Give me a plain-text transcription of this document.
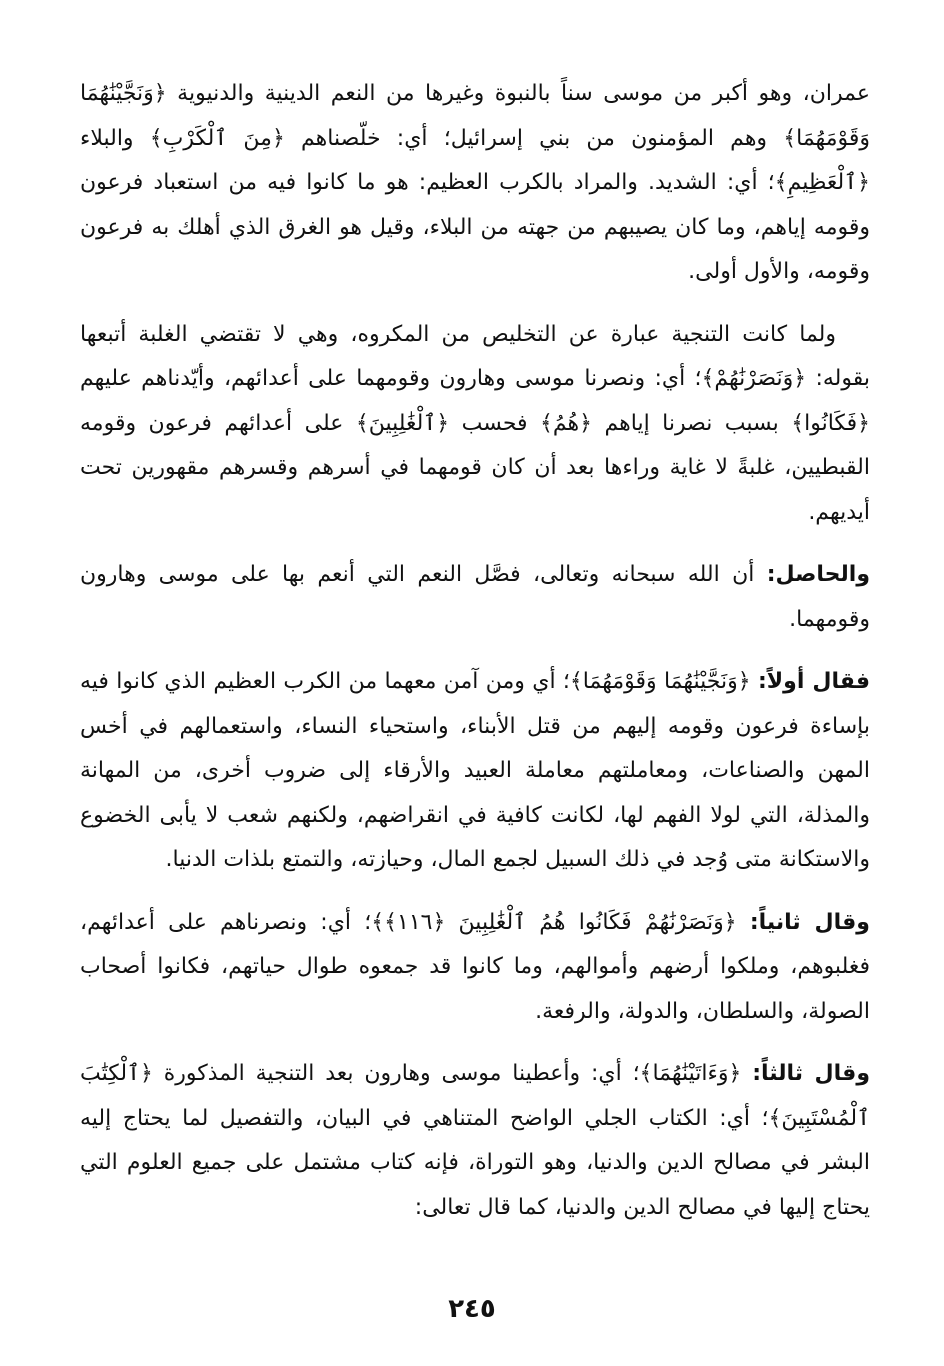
عمران، وهو أكبر من موسى سناً بالنبوة وغيرها من النعم الدينية والدنيوية ﴿وَنَجَّيْنَٰهُمَا وَقَوْمَهُمَا﴾ وهم المؤمنون من بني إسرائيل؛ أي: خلّصناهم ﴿مِنَ ٱلْكَرْبِ﴾ والبلاء ﴿ٱلْعَظِيمِ﴾؛ أي: الشديد. والمراد بالكرب العظيم: هو ما كانوا فيه من استعباد فرعون وقومه إياهم، وما كان يصيبهم من جهته من البلاء، وقيل هو الغرق الذي أهلك به فرعون وقومه، والأول أولى.

ولما كانت التنجية عبارة عن التخليص من المكروه، وهي لا تقتضي الغلبة أتبعها بقوله: ﴿وَنَصَرْنَٰهُمْ﴾؛ أي: ونصرنا موسى وهارون وقومهما على أعدائهم، وأيّدناهم عليهم ﴿فَكَانُوا﴾ بسبب نصرنا إياهم ﴿هُمُ﴾ فحسب ﴿ٱلْغَٰلِبِينَ﴾ على أعدائهم فرعون وقومه القبطيين، غلبةً لا غاية وراءها بعد أن كان قومهما في أسرهم وقسرهم مقهورين تحت أيديهم.

والحاصل: أن الله سبحانه وتعالى، فصَّل النعم التي أنعم بها على موسى وهارون وقومهما.

فقال أولاً: ﴿وَنَجَّيْنَٰهُمَا وَقَوْمَهُمَا﴾؛ أي ومن آمن معهما من الكرب العظيم الذي كانوا فيه بإساءة فرعون وقومه إليهم من قتل الأبناء، واستحياء النساء، واستعمالهم في أخس المهن والصناعات، ومعاملتهم معاملة العبيد والأرقاء إلى ضروب أخرى، من المهانة والمذلة، التي لولا الفهم لها، لكانت كافية في انقراضهم، ولكنهم شعب لا يأبى الخضوع والاستكانة متى وُجد في ذلك السبيل لجمع المال، وحيازته، والتمتع بلذات الدنيا.

وقال ثانياً: ﴿وَنَصَرْنَٰهُمْ فَكَانُوا هُمُ ٱلْغَٰلِبِينَ ﴿١١٦﴾﴾؛ أي: ونصرناهم على أعدائهم، فغلبوهم، وملكوا أرضهم وأموالهم، وما كانوا قد جمعوه طوال حياتهم، فكانوا أصحاب الصولة، والسلطان، والدولة، والرفعة.

وقال ثالثاً: ﴿وَءَاتَيْنَٰهُمَا﴾؛ أي: وأعطينا موسى وهارون بعد التنجية المذكورة ﴿ٱلْكِتَٰبَ ٱلْمُسْتَبِينَ﴾؛ أي: الكتاب الجلي الواضح المتناهي في البيان، والتفصيل لما يحتاج إليه البشر في مصالح الدين والدنيا، وهو التوراة، فإنه كتاب مشتمل على جميع العلوم التي يحتاج إليها في مصالح الدين والدنيا، كما قال تعالى:

٢٤٥
